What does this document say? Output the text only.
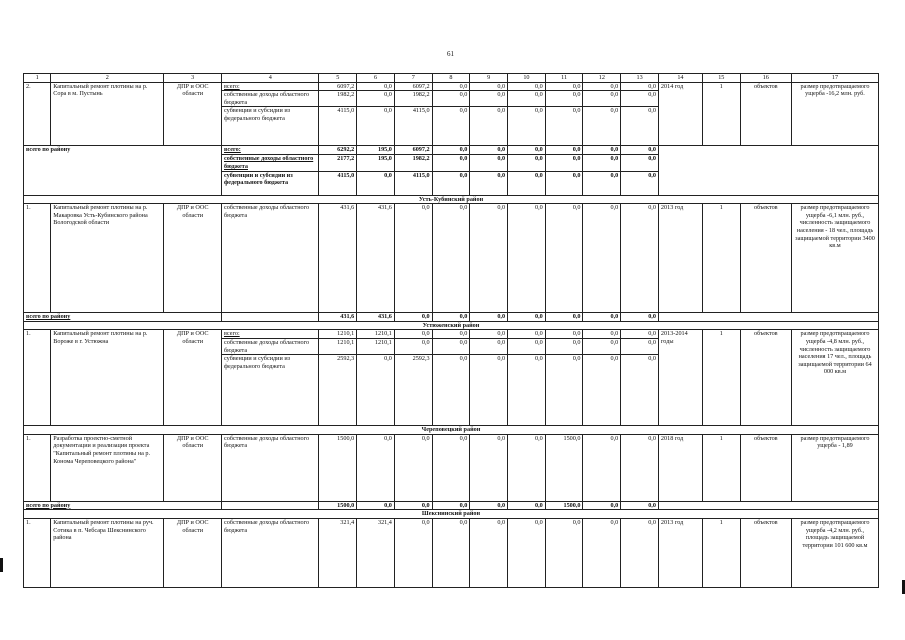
61
1	2	3	4	5	6	7	8	9	10	11	12	13	14	15	16	17
2.	Капитальный ремонт плотины на р. Сора в м. Пустынь	ДПР и ООС области	всего:	6097,2	0,0	6097,2	0,0	0,0	0,0	0,0	0,0	0,0	2014 год	1	объектов	размер предотвращаемого ущерба -16,2 млн. руб.
			собственные доходы областного бюджета	1982,2	0,0	1982,2	0,0	0,0	0,0	0,0	0,0	0,0				
			субвенции и субсидии из федерального бюджета	4115,0	0,0	4115,0	0,0	0,0	0,0	0,0	0,0	0,0				
всего по району			всего:	6292,2	195,0	6097,2	0,0	0,0	0,0	0,0	0,0	0,0				
			собственные доходы областного бюджета	2177,2	195,0	1982,2	0,0	0,0	0,0	0,0	0,0	0,0				
			субвенции и субсидии из федерального бюджета	4115,0	0,0	4115,0	0,0	0,0	0,0	0,0	0,0	0,0				
Усть-Кубинский район																
1.	Капитальный ремонт плотины на р. Макаровка Усть-Кубинского района Вологодской области	ДПР и ООС области	собственные доходы областного бюджета	431,6	431,6	0,0	0,0	0,0	0,0	0,0	0,0	0,0	2013 год	1	объектов	размер предотвращаемого ущерба -6,1 млн. руб., численность защищаемого населения - 18 чел., площадь защищаемой территории 3400 кв.м
всего по району				431,6	431,6	0,0	0,0	0,0	0,0	0,0	0,0	0,0				
Устюженский район																
1.	Капитальный ремонт плотины на р. Вороже в г. Устюжна	ДПР и ООС области	всего:	1210,1	1210,1	0,0	0,0	0,0	0,0	0,0	0,0	0,0	2013-2014 годы	1	объектов	размер предотвращаемого ущерба -4,8 млн. руб., численность защищаемого населения 17 чел., площадь защищаемой территории 64 000 кв.м
			собственные доходы областного бюджета	1210,1	1210,1	0,0	0,0	0,0	0,0	0,0	0,0	0,0				
			субвенции и субсидии из федерального бюджета	2592,3	0,0	2592,3	0,0	0,0	0,0	0,0	0,0	0,0				
Череповецкий район																
1.	Разработка проектно-сметной документации и реализация проекта "Капитальный ремонт плотины на р. Кономa Череповецкого района"	ДПР и ООС области	собственные доходы областного бюджета	1500,0	0,0	0,0	0,0	0,0	0,0	1500,0	0,0	0,0	2018 год	1	объектов	размер предотвращаемого ущерба - 1,89
всего по району				1500,0	0,0	0,0	0,0	0,0	0,0	1500,0	0,0	0,0				
Шекснинский район																
1.	Капитальный ремонт плотины на руч. Сотика в п. Чебсара Шекснинского района	ДПР и ООС области	собственные доходы областного бюджета	321,4	321,4	0,0	0,0	0,0	0,0	0,0	0,0	0,0	2013 год	1	объектов	размер предотвращаемого ущерба -4,2 млн. руб., площадь защищаемой территории 101 600 кв.м
